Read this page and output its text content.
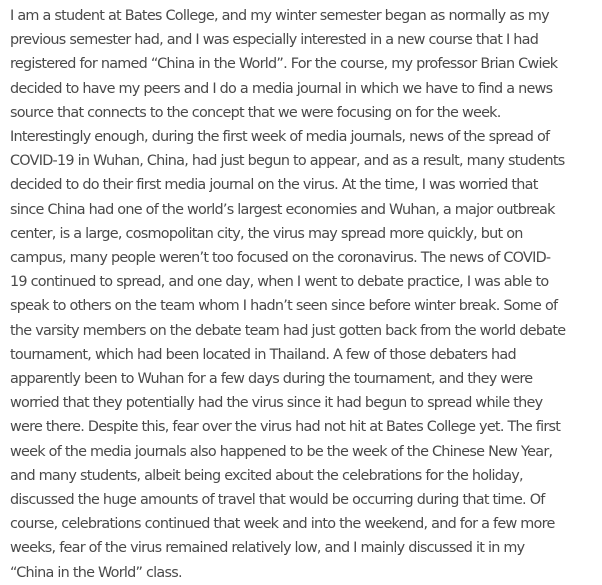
I am a student at Bates College, and my winter semester began as normally as my
previous semester had, and I was especially interested in a new course that I had
registered for named “China in the World”. For the course, my professor Brian Cwiek
decided to have my peers and I do a media journal in which we have to find a news
source that connects to the concept that we were focusing on for the week.
Interestingly enough, during the first week of media journals, news of the spread of
COVID-19 in Wuhan, China, had just begun to appear, and as a result, many students
decided to do their first media journal on the virus. At the time, I was worried that
since China had one of the world’s largest economies and Wuhan, a major outbreak
center, is a large, cosmopolitan city, the virus may spread more quickly, but on
campus, many people weren’t too focused on the coronavirus. The news of COVID-
19 continued to spread, and one day, when I went to debate practice, I was able to
speak to others on the team whom I hadn’t seen since before winter break. Some of
the varsity members on the debate team had just gotten back from the world debate
tournament, which had been located in Thailand. A few of those debaters had
apparently been to Wuhan for a few days during the tournament, and they were
worried that they potentially had the virus since it had begun to spread while they
were there. Despite this, fear over the virus had not hit at Bates College yet. The first
week of the media journals also happened to be the week of the Chinese New Year,
and many students, albeit being excited about the celebrations for the holiday,
discussed the huge amounts of travel that would be occurring during that time. Of
course, celebrations continued that week and into the weekend, and for a few more
weeks, fear of the virus remained relatively low, and I mainly discussed it in my
“China in the World” class.
